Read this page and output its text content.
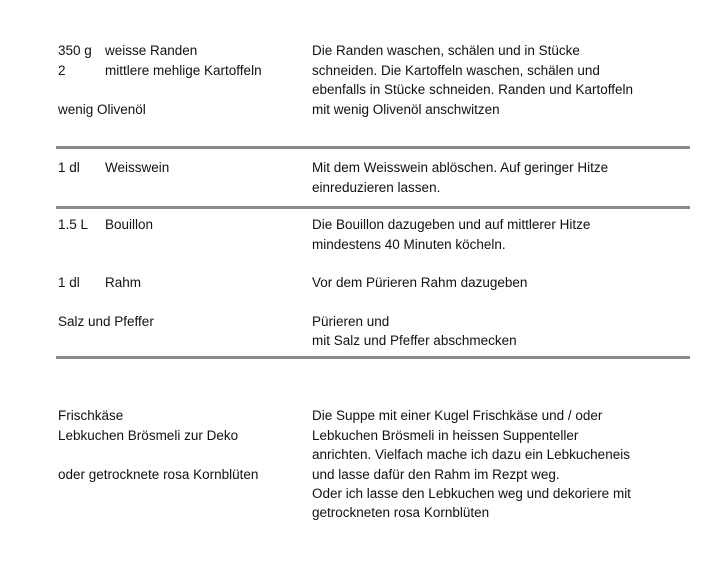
350 g weisse Randen
2	mittlere mehlige Kartoffeln
wenig Olivenöl
Die Randen waschen, schälen und in Stücke
schneiden. Die Kartoffeln waschen, schälen und
ebenfalls in Stücke schneiden. Randen und Kartoffeln
mit wenig Olivenöl anschwitzen
1 dl Weisswein	Mit dem Weisswein ablöschen. Auf geringer Hitze
einreduzieren lassen.
1.5 L Bouillon
1 dl Rahm
Salz und Pfeffer
Die Bouillon dazugeben und auf mittlerer Hitze
mindestens 40 Minuten köcheln.
Vor dem Pürieren Rahm dazugeben
Pürieren und
mit Salz und Pfeffer abschmecken
Frischkäse
Lebkuchen Brösmeli zur Deko
oder getrocknete rosa Kornblüten
Die Suppe mit einer Kugel Frischkäse und / oder
Lebkuchen Brösmeli in heissen Suppenteller
anrichten. Vielfach mache ich dazu ein Lebkucheneis
und lasse dafür den Rahm im Rezpt weg.
Oder ich lasse den Lebkuchen weg und dekoriere mit
getrockneten rosa Kornblüten
